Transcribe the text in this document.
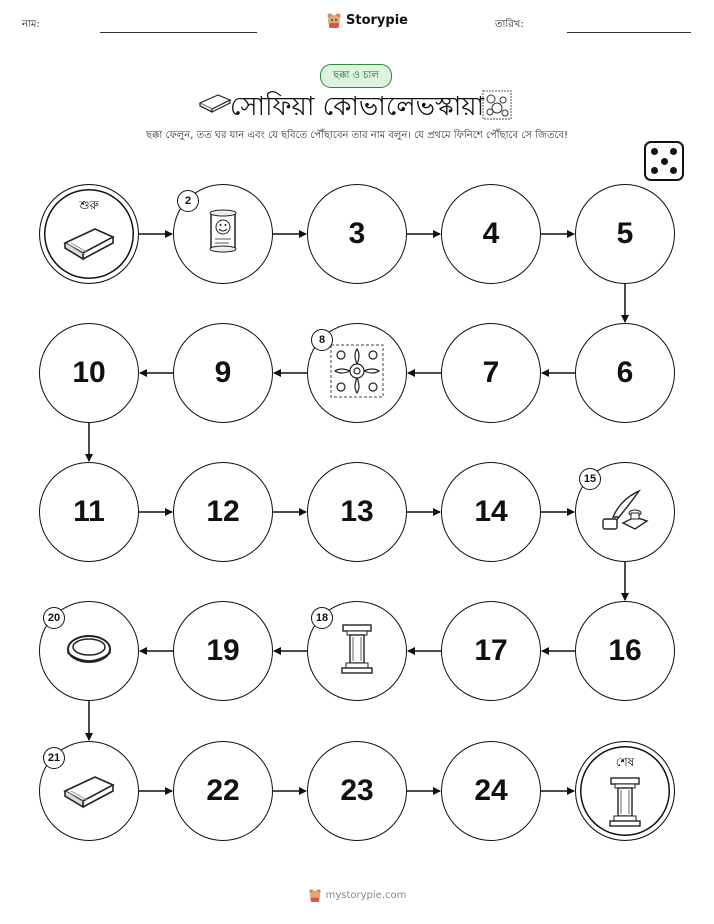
নাম:	Storypie	তারিখ:
ছক্কা ও চাল
সোফিয়া কোভালেভস্কায়া
ছক্কা ফেলুন, তত ঘর যান এবং যে ছবিতে পৌঁছাবেন তার নাম বলুন। যে প্রথমে ফিনিশে পৌঁছাবে সে জিতবে!
শুরু	2
3	4	5
6
7
8
9
10
11	12	13	14
15
16
17
18
19
20
21
22	23	24
শেষ
mystorypie.com
